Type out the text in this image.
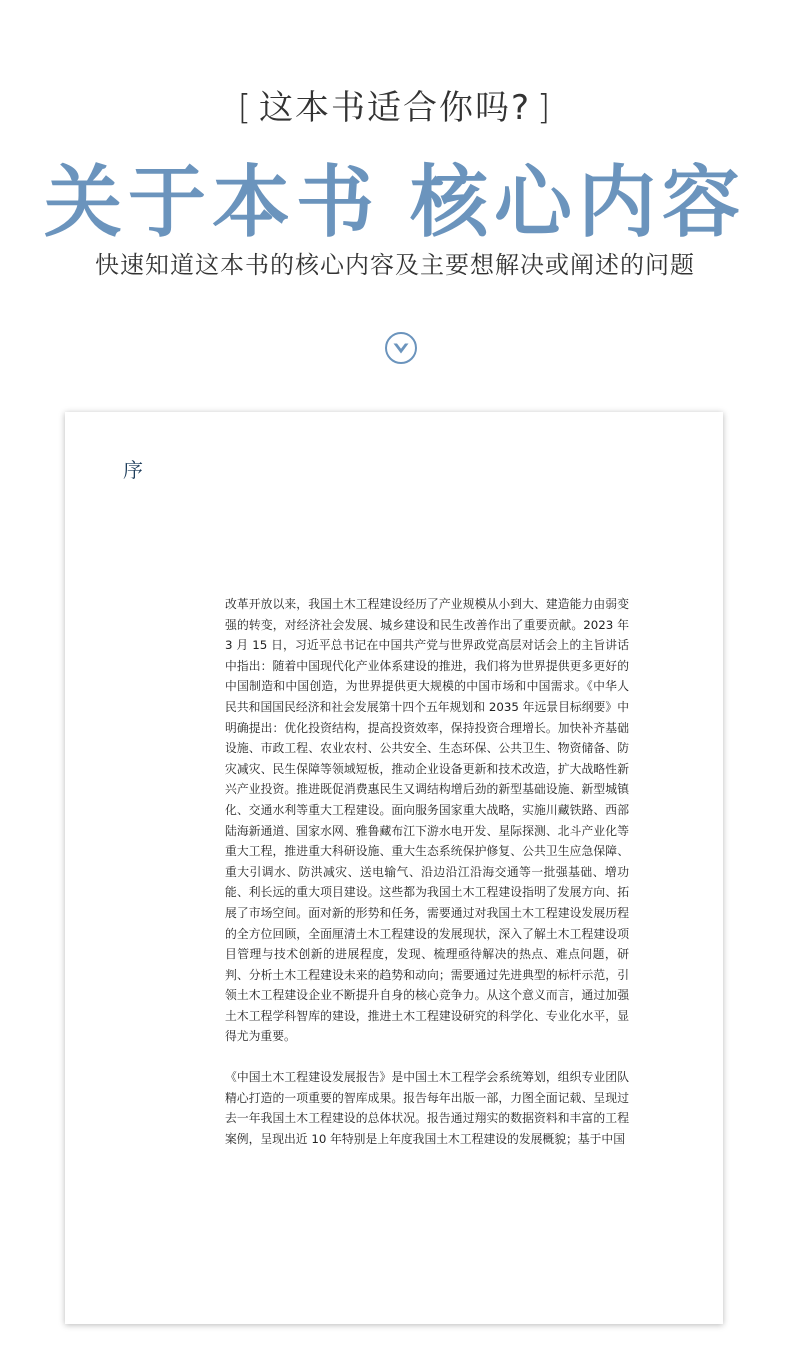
[ 这本书适合你吗? ]
关于本书 核心内容
快速知道这本书的核心内容及主要想解决或阐述的问题
序

改革开放以来，我国土木工程建设经历了产业规模从小到大、建造能力由弱变强的转变，对经济社会发展、城乡建设和民生改善作出了重要贡献。2023 年 3 月 15 日，习近平总书记在中国共产党与世界政党高层对话会上的主旨讲话中指出：随着中国现代化产业体系建设的推进，我们将为世界提供更多更好的中国制造和中国创造，为世界提供更大规模的中国市场和中国需求。《中华人民共和国国民经济和社会发展第十四个五年规划和 2035 年远景目标纲要》中明确提出：优化投资结构，提高投资效率，保持投资合理增长。加快补齐基础设施、市政工程、农业农村、公共安全、生态环保、公共卫生、物资储备、防灾减灾、民生保障等领域短板，推动企业设备更新和技术改造，扩大战略性新兴产业投资。推进既促消费惠民生又调结构增后劲的新型基础设施、新型城镇化、交通水利等重大工程建设。面向服务国家重大战略，实施川藏铁路、西部陆海新通道、国家水网、雅鲁藏布江下游水电开发、星际探测、北斗产业化等重大工程，推进重大科研设施、重大生态系统保护修复、公共卫生应急保障、重大引调水、防洪减灾、送电输气、沿边沿江沿海交通等一批强基础、增功能、利长远的重大项目建设。这些都为我国土木工程建设指明了发展方向、拓展了市场空间。面对新的形势和任务，需要通过对我国土木工程建设发展历程的全方位回顾，全面厘清土木工程建设的发展现状，深入了解土木工程建设项目管理与技术创新的进展程度，发现、梳理亟待解决的热点、难点问题，研判、分析土木工程建设未来的趋势和动向；需要通过先进典型的标杆示范，引领土木工程建设企业不断提升自身的核心竞争力。从这个意义而言，通过加强土木工程学科智库的建设，推进土木工程建设研究的科学化、专业化水平，显得尤为重要。

《中国土木工程建设发展报告》是中国土木工程学会系统筹划，组织专业团队精心打造的一项重要的智库成果。报告每年出版一部，力图全面记载、呈现过去一年我国土木工程建设的总体状况。报告通过翔实的数据资料和丰富的工程案例，呈现出近 10 年特别是上年度我国土木工程建设的发展概貌；基于中国
